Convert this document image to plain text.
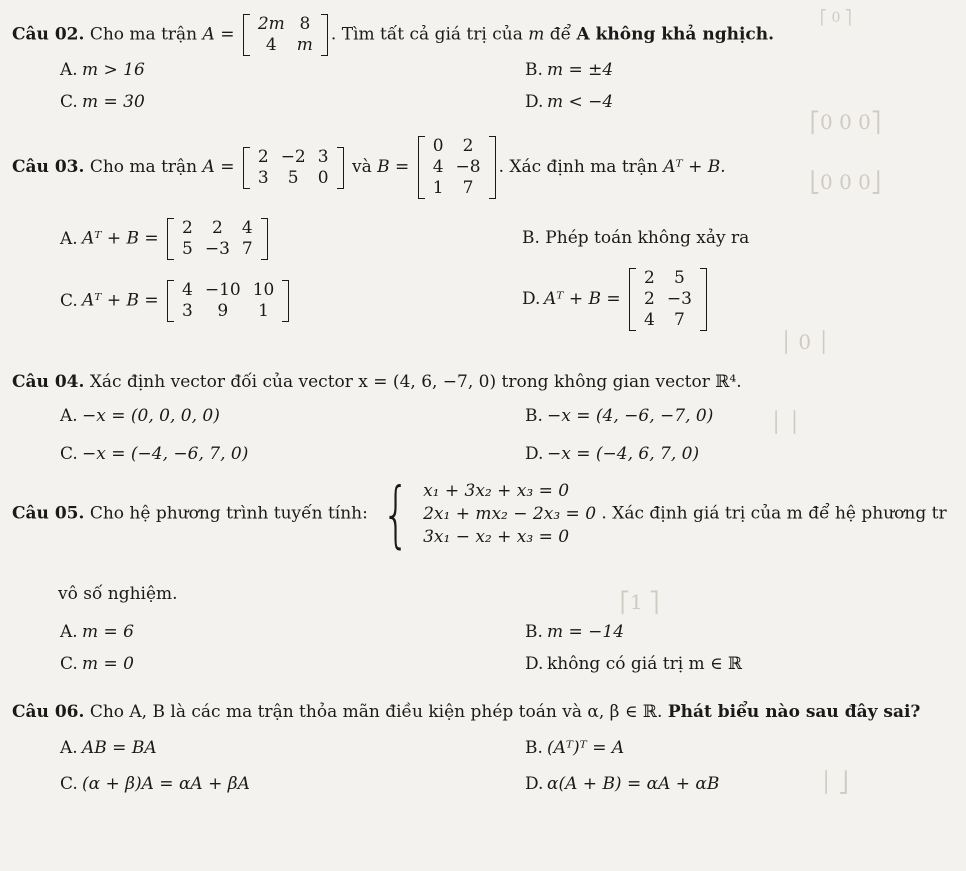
⎡ 0 ⎤
⎡0 0 0⎤
⎣0 0 0⎦
│ 0 │
│ │
⎡1 ⎤
│ ⎦
Câu 02. Cho ma trận A =
2m	8
4	m
. Tìm tất cả giá trị của m để A không khả nghịch.
A. m > 16	B. m = ±4
C. m = 30	D. m < −4
Câu 03. Cho ma trận A =
2	−2	3
3	5	0
và B =
0	2
4	−8
1	7
. Xác định ma trận Aᵀ + B.
A. Aᵀ + B =
2	2	4
5	−3	7
B. Phép toán không xảy ra
C. Aᵀ + B =
4	−10	10
3	9	1
D. Aᵀ + B =
2	5
2	−3
4	7
Câu 04. Xác định vector đối của vector x = (4, 6, −7, 0) trong không gian vector ℝ⁴.
A. −x = (0, 0, 0, 0)	B. −x = (4, −6, −7, 0)
C. −x = (−4, −6, 7, 0)	D. −x = (−4, 6, 7, 0)
Câu 05. Cho hệ phương trình tuyến tính: { x₁ + 3x₂ + x₃ = 0
2x₁ + mx₂ − 2x₃ = 0
3x₁ − x₂ + x₃ = 0
. Xác định giá trị của m để hệ phương tr
vô số nghiệm.
A. m = 6	B. m = −14
C. m = 0	D. không có giá trị m ∈ ℝ
Câu 06. Cho A, B là các ma trận thỏa mãn điều kiện phép toán và α, β ∈ ℝ. Phát biểu nào sau đây sai?
A. AB = BA	B. (Aᵀ)ᵀ = A
C. (α + β)A = αA + βA	D. α(A + B) = αA + αB
